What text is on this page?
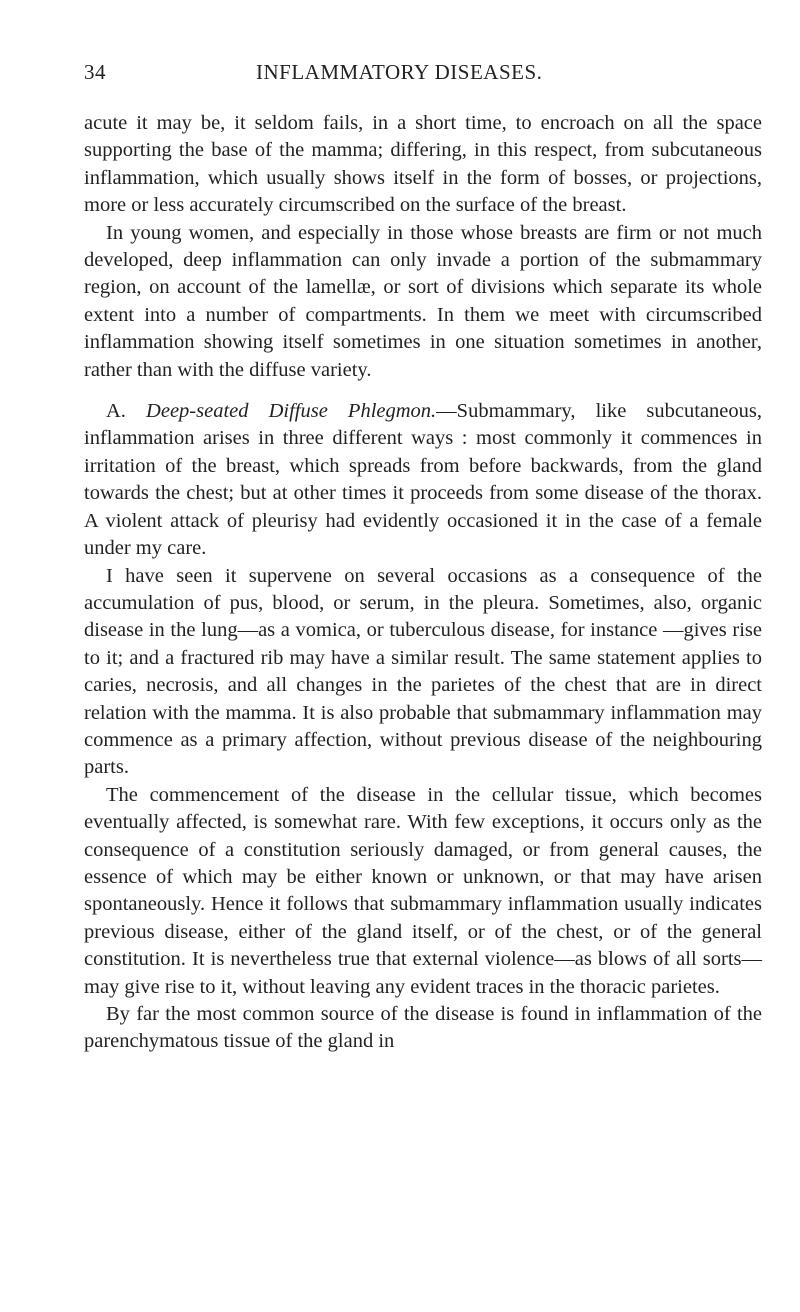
34	INFLAMMATORY DISEASES.

acute it may be, it seldom fails, in a short time, to encroach on all the space supporting the base of the mamma; differing, in this respect, from subcutaneous inflammation, which usually shows itself in the form of bosses, or projections, more or less accurately circumscribed on the surface of the breast.

In young women, and especially in those whose breasts are firm or not much developed, deep inflammation can only invade a portion of the submammary region, on account of the lamellæ, or sort of divisions which separate its whole extent into a number of compartments. In them we meet with circumscribed inflammation showing itself sometimes in one situation sometimes in another, rather than with the diffuse variety.

A. Deep-seated Diffuse Phlegmon.—Submammary, like subcutaneous, inflammation arises in three different ways : most commonly it commences in irritation of the breast, which spreads from before backwards, from the gland towards the chest; but at other times it proceeds from some disease of the thorax. A violent attack of pleurisy had evidently occasioned it in the case of a female under my care.

I have seen it supervene on several occasions as a consequence of the accumulation of pus, blood, or serum, in the pleura. Sometimes, also, organic disease in the lung—as a vomica, or tuberculous disease, for instance —gives rise to it; and a fractured rib may have a similar result. The same statement applies to caries, necrosis, and all changes in the parietes of the chest that are in direct relation with the mamma. It is also probable that submammary inflammation may commence as a primary affection, without previous disease of the neighbouring parts.

The commencement of the disease in the cellular tissue, which becomes eventually affected, is somewhat rare. With few exceptions, it occurs only as the consequence of a constitution seriously damaged, or from general causes, the essence of which may be either known or unknown, or that may have arisen spontaneously. Hence it follows that submammary inflammation usually indicates previous disease, either of the gland itself, or of the chest, or of the general constitution. It is nevertheless true that external violence—as blows of all sorts—may give rise to it, without leaving any evident traces in the thoracic parietes.

By far the most common source of the disease is found in inflammation of the parenchymatous tissue of the gland in
